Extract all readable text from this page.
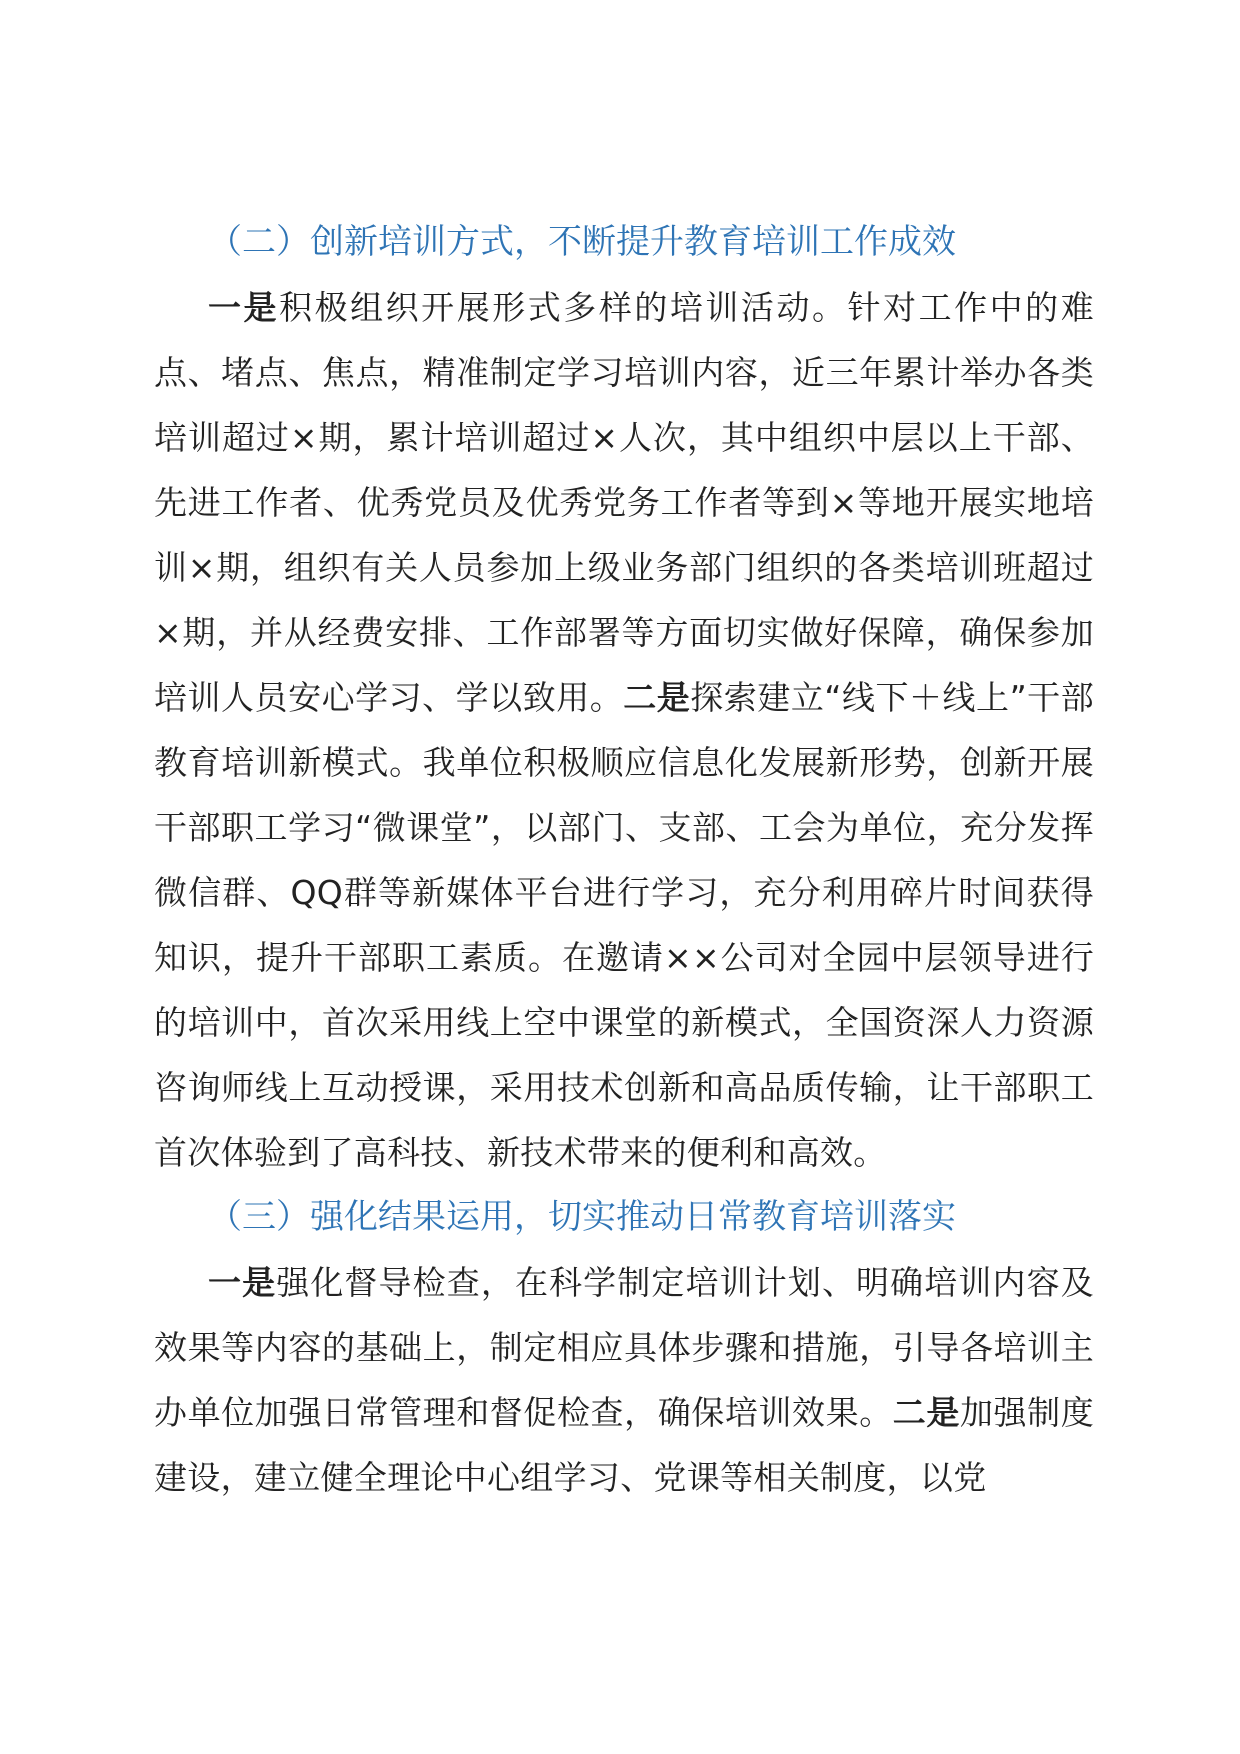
（二）创新培训方式，不断提升教育培训工作成效

一是积极组织开展形式多样的培训活动。针对工作中的难点、堵点、焦点，精准制定学习培训内容，近三年累计举办各类培训超过×期，累计培训超过×人次，其中组织中层以上干部、先进工作者、优秀党员及优秀党务工作者等到×等地开展实地培训×期，组织有关人员参加上级业务部门组织的各类培训班超过×期，并从经费安排、工作部署等方面切实做好保障，确保参加培训人员安心学习、学以致用。二是探索建立“线下＋线上”干部教育培训新模式。我单位积极顺应信息化发展新形势，创新开展干部职工学习“微课堂”，以部门、支部、工会为单位，充分发挥微信群、QQ群等新媒体平台进行学习，充分利用碎片时间获得知识，提升干部职工素质。在邀请××公司对全园中层领导进行的培训中，首次采用线上空中课堂的新模式，全国资深人力资源咨询师线上互动授课，采用技术创新和高品质传输，让干部职工首次体验到了高科技、新技术带来的便利和高效。

（三）强化结果运用，切实推动日常教育培训落实

一是强化督导检查，在科学制定培训计划、明确培训内容及效果等内容的基础上，制定相应具体步骤和措施，引导各培训主办单位加强日常管理和督促检查，确保培训效果。二是加强制度建设，建立健全理论中心组学习、党课等相关制度，以党
